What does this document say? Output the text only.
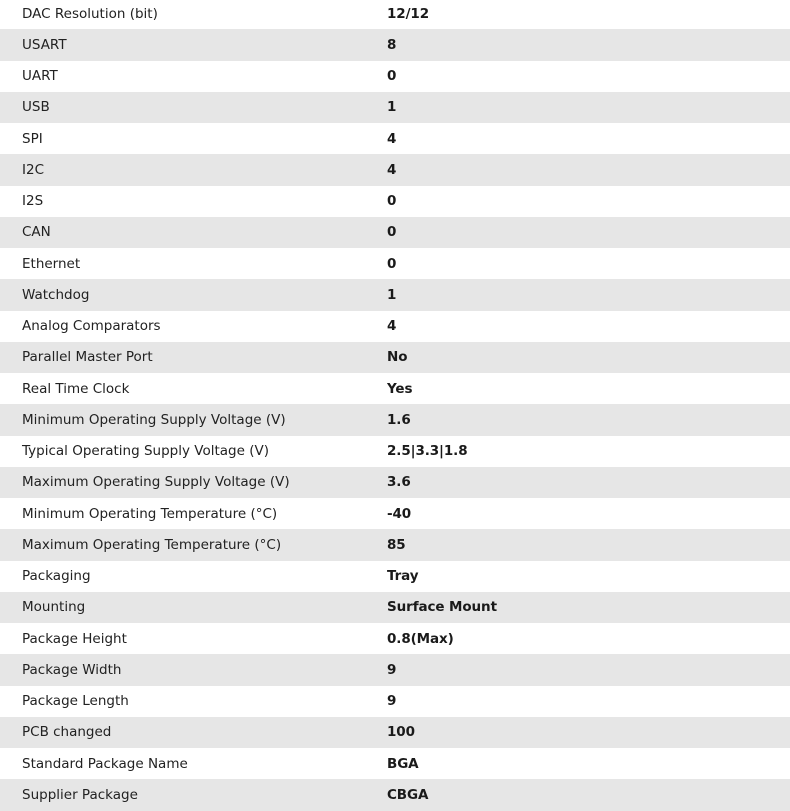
DAC Resolution (bit)	12/12
USART	8
UART	0
USB	1
SPI	4
I2C	4
I2S	0
CAN	0
Ethernet	0
Watchdog	1
Analog Comparators	4
Parallel Master Port	No
Real Time Clock	Yes
Minimum Operating Supply Voltage (V)	1.6
Typical Operating Supply Voltage (V)	2.5|3.3|1.8
Maximum Operating Supply Voltage (V)	3.6
Minimum Operating Temperature (°C)	-40
Maximum Operating Temperature (°C)	85
Packaging	Tray
Mounting	Surface Mount
Package Height	0.8(Max)
Package Width	9
Package Length	9
PCB changed	100
Standard Package Name	BGA
Supplier Package	CBGA
